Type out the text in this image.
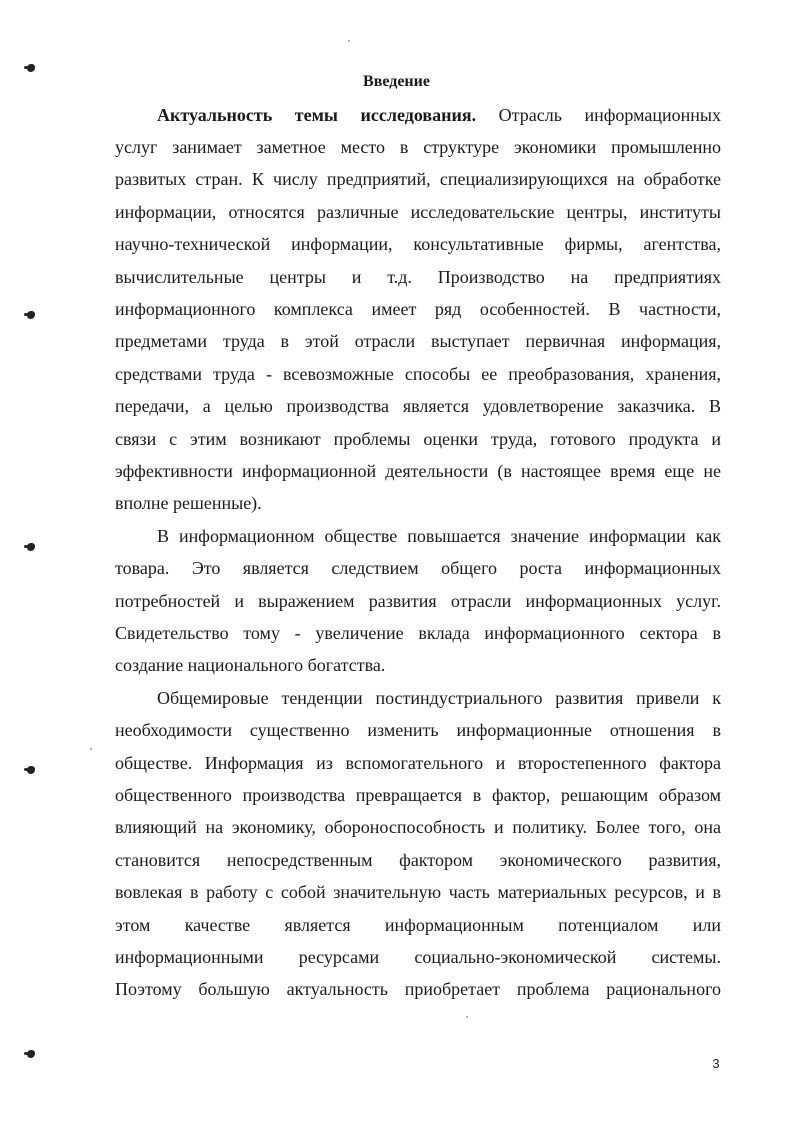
Введение
Актуальность темы исследования. Отрасль информационных
услуг занимает заметное место в структуре экономики промышленно
развитых стран. К числу предприятий, специализирующихся на обработке
информации, относятся различные исследовательские центры, институты
научно-технической информации, консультативные фирмы, агентства,
вычислительные центры и т.д. Производство на предприятиях
информационного комплекса имеет ряд особенностей. В частности,
предметами труда в этой отрасли выступает первичная информация,
средствами труда - всевозможные способы ее преобразования, хранения,
передачи, а целью производства является удовлетворение заказчика. В
связи с этим возникают проблемы оценки труда, готового продукта и
эффективности информационной деятельности (в настоящее время еще не
вполне решенные).
В информационном обществе повышается значение информации как
товара. Это является следствием общего роста информационных
потребностей и выражением развития отрасли информационных услуг.
Свидетельство тому - увеличение вклада информационного сектора в
создание национального богатства.
Общемировые тенденции постиндустриального развития привели к
необходимости существенно изменить информационные отношения в
обществе. Информация из вспомогательного и второстепенного фактора
общественного производства превращается в фактор, решающим образом
влияющий на экономику, обороноспособность и политику. Более того, она
становится непосредственным фактором экономического развития,
вовлекая в работу с собой значительную часть материальных ресурсов, и в
этом качестве является информационным потенциалом или
информационными ресурсами социально-экономической системы.
Поэтому большую актуальность приобретает проблема рационального
3
